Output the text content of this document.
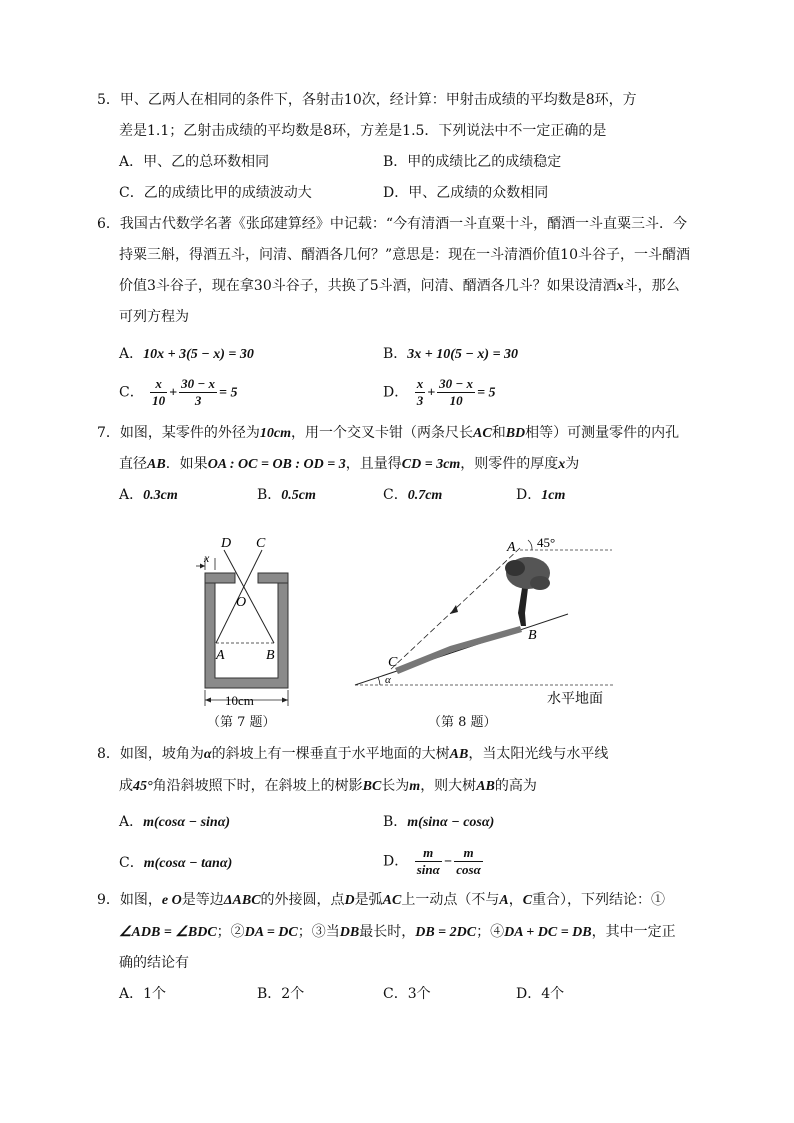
5．甲、乙两人在相同的条件下，各射击10次，经计算：甲射击成绩的平均数是8环，方
差是1.1；乙射击成绩的平均数是8环，方差是1.5．下列说法中不一定正确的是
A．甲、乙的总环数相同	B．甲的成绩比乙的成绩稳定
C．乙的成绩比甲的成绩波动大	D．甲、乙成绩的众数相同
6．我国古代数学名著《张邱建算经》中记载：“今有清酒一斗直粟十斗，醑酒一斗直粟三斗．今
持粟三斛，得酒五斗，问清、醑酒各几何？”意思是：现在一斗清酒价值10斗谷子，一斗醑酒
价值3斗谷子，现在拿30斗谷子，共换了5斗酒，问清、醑酒各几斗？如果设清酒x斗，那么
可列方程为
A．10x + 3(5 − x) = 30	B．3x + 10(5 − x) = 30
C． $\frac{x}{10} + \frac{30 - x}{3} = 5$	D． $\frac{x}{3} + \frac{30 - x}{10} = 5$
7．如图，某零件的外径为10cm，用一个交叉卡钳（两条尺长AC和BD相等）可测量零件的内孔
直径AB．如果OA : OC = OB : OD = 3，且量得CD = 3cm，则零件的厚度x为
A．0.3cm	B．0.5cm	C．0.7cm	D．1cm
D C
x
O
A	B
10cm
（第 7 题）
A 45°
B
C
α
水平地面
（第 8 题）
8．如图，坡角为α的斜坡上有一棵垂直于水平地面的大树AB，当太阳光线与水平线
成45°角沿斜坡照下时，在斜坡上的树影BC长为m，则大树AB的高为
A．m(cosα − sinα)	B．m(sinα − cosα)
C．m(cosα − tanα)	D． $\frac{m}{\sin\alpha} - \frac{m}{\cos\alpha}$
9．如图，e O是等边ΔABC的外接圆，点D是弧AC上一动点（不与A，C重合），下列结论：①
∠ADB = ∠BDC；②DA = DC；③当DB最长时，DB = 2DC；④DA + DC = DB，其中一定正
确的结论有
A．1个	B．2个	C．3个	D．4个
